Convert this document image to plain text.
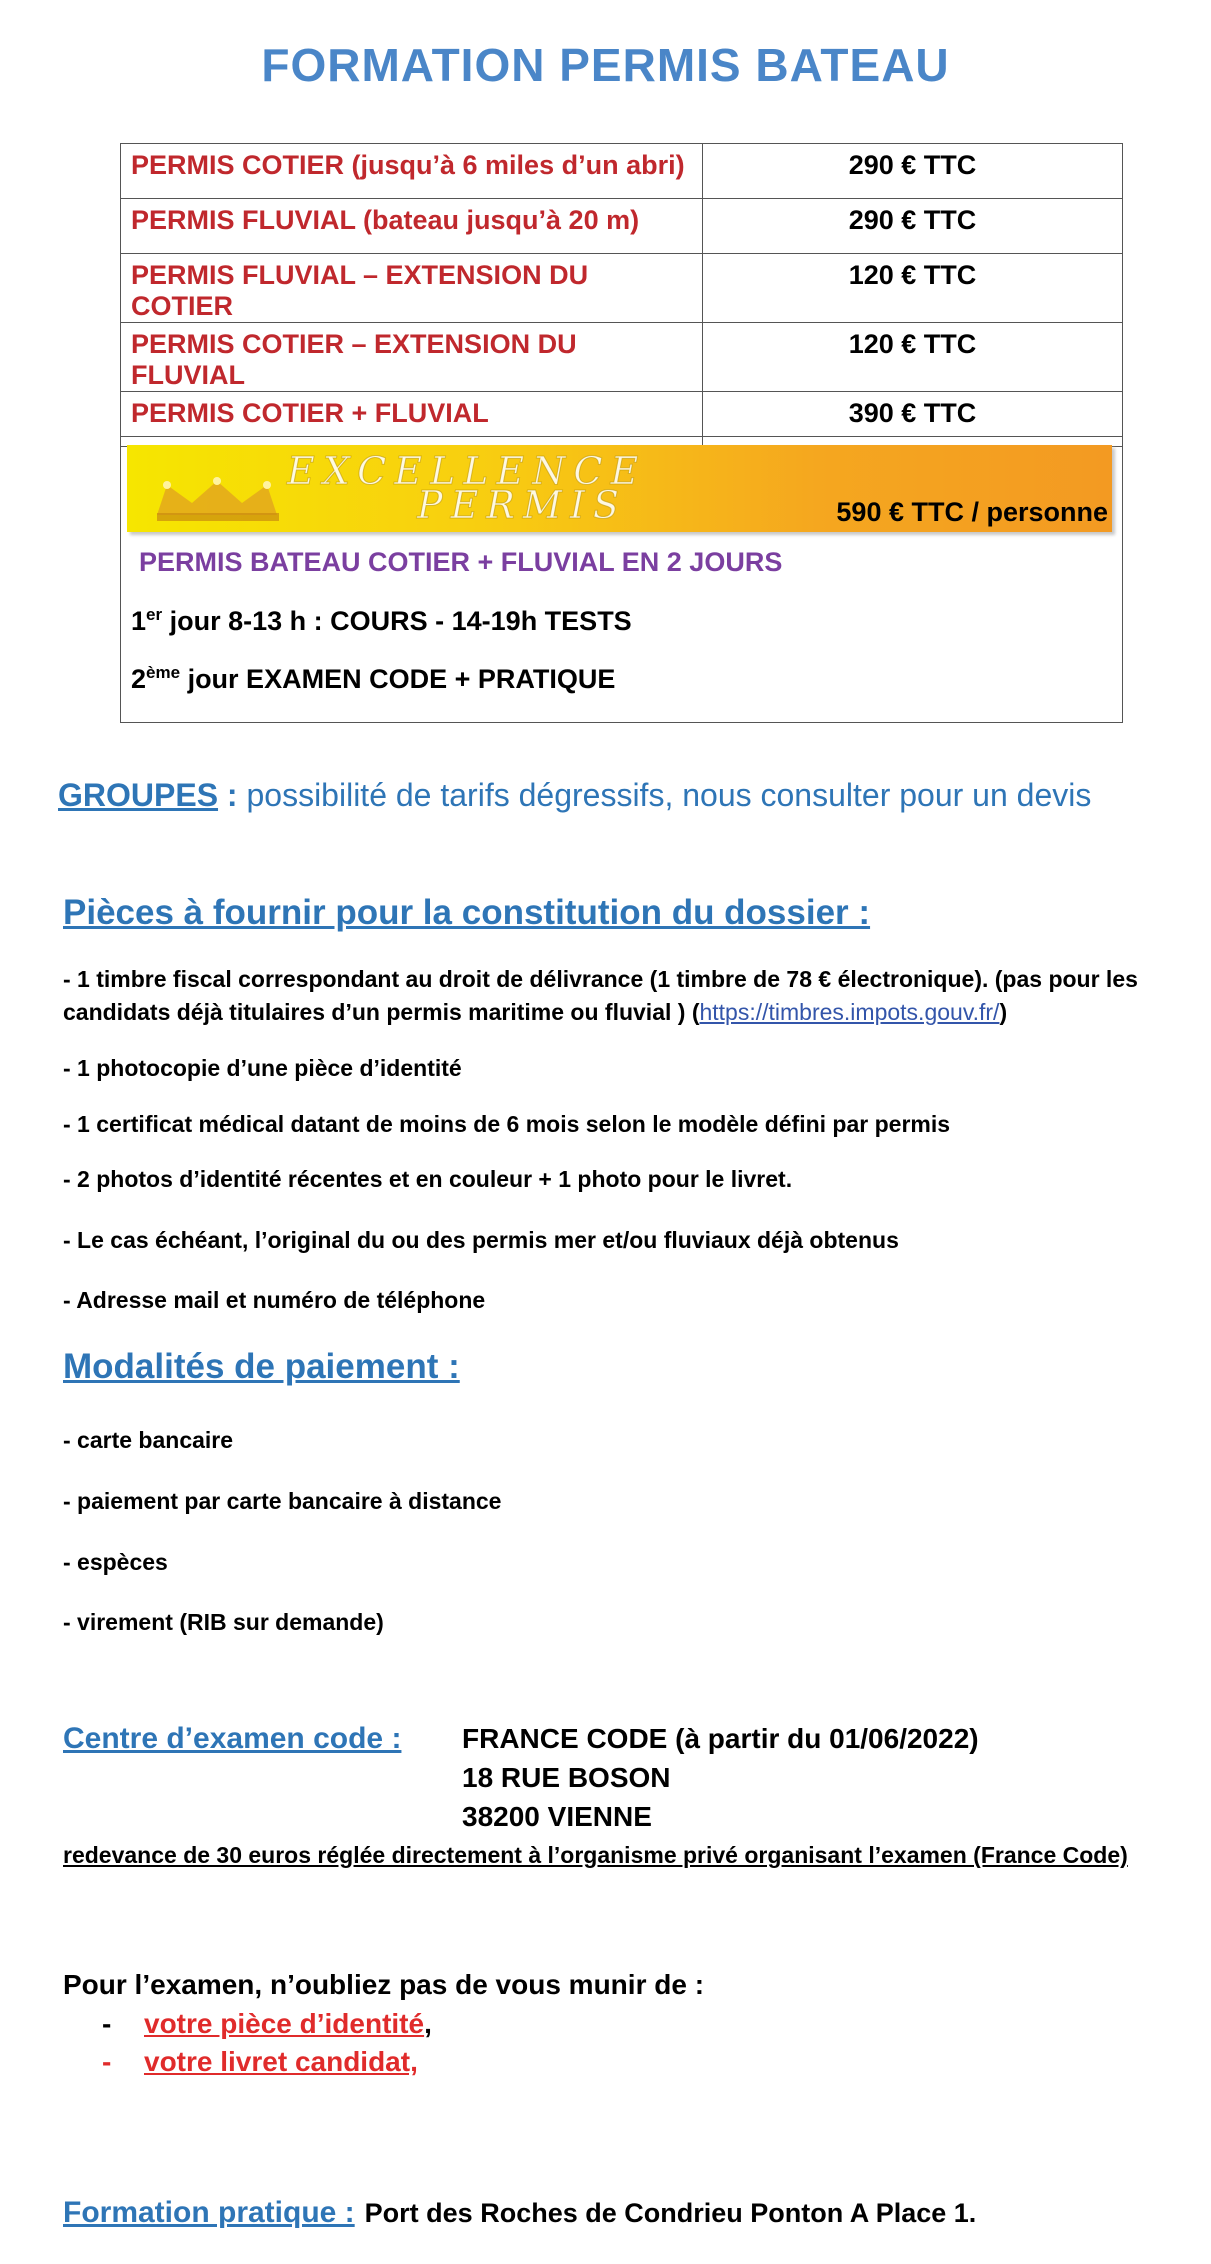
FORMATION PERMIS BATEAU
PERMIS COTIER (jusqu’à 6 miles d’un abri)	290 € TTC
PERMIS FLUVIAL (bateau jusqu’à 20 m)	290 € TTC
PERMIS FLUVIAL – EXTENSION DU COTIER	120 € TTC
PERMIS COTIER – EXTENSION DU FLUVIAL	120 € TTC
PERMIS COTIER + FLUVIAL	390 € TTC
EXCELLENCE
PERMIS	590 € TTC / personne
PERMIS BATEAU COTIER + FLUVIAL EN 2 JOURS
1er jour 8-13 h : COURS - 14-19h TESTS
2ème jour EXAMEN CODE + PRATIQUE
GROUPES : possibilité de tarifs dégressifs, nous consulter pour un devis
Pièces à fournir pour la constitution du dossier :
- 1 timbre fiscal correspondant au droit de délivrance (1 timbre de 78 € électronique). (pas pour les
candidats déjà titulaires d’un permis maritime ou fluvial ) (https://timbres.impots.gouv.fr/)
- 1 photocopie d’une pièce d’identité
- 1 certificat médical datant de moins de 6 mois selon le modèle défini par permis
- 2 photos d’identité récentes et en couleur + 1 photo pour le livret.
- Le cas échéant, l’original du ou des permis mer et/ou fluviaux déjà obtenus
- Adresse mail et numéro de téléphone
Modalités de paiement :
- carte bancaire
- paiement par carte bancaire à distance
- espèces
- virement (RIB sur demande)
Centre d’examen code : FRANCE CODE (à partir du 01/06/2022)
18 RUE BOSON
38200 VIENNE
redevance de 30 euros réglée directement à l’organisme privé organisant l’examen (France Code)
Pour l’examen, n’oubliez pas de vous munir de :
- votre pièce d’identité,
- votre livret candidat,
Formation pratique : Port des Roches de Condrieu Ponton A Place 1.
